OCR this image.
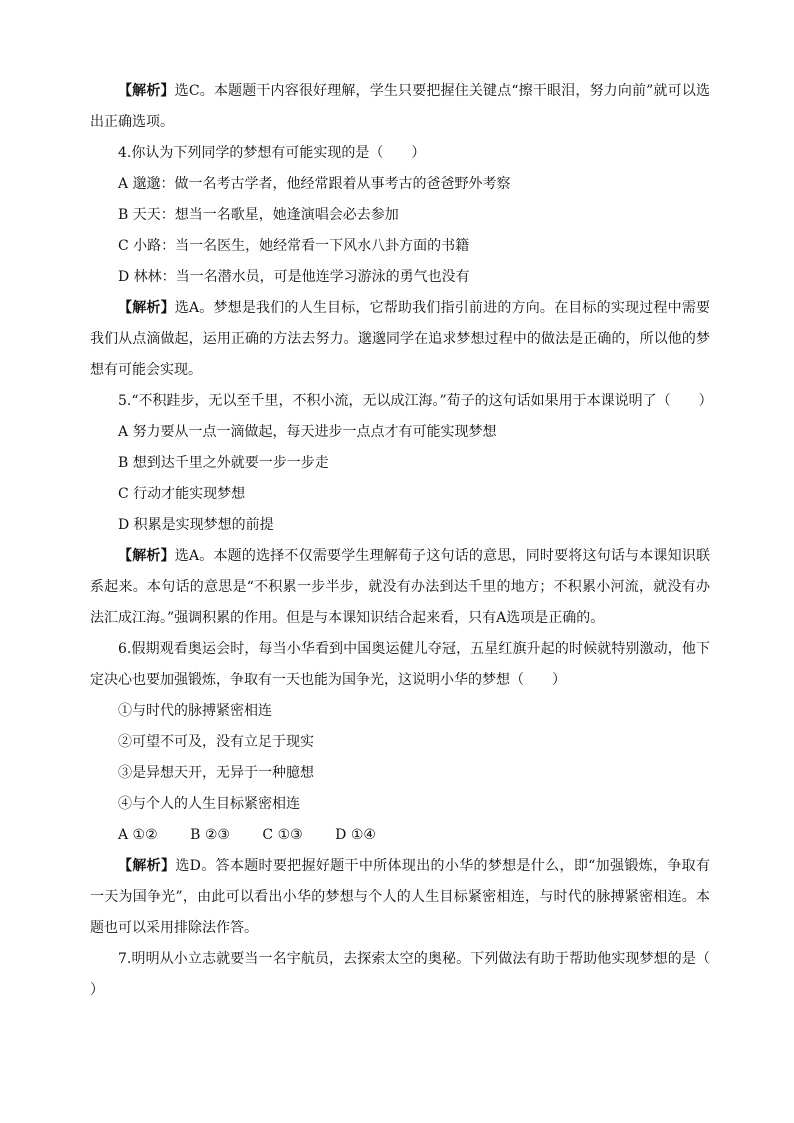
【解析】选C。本题题干内容很好理解，学生只要把握住关键点“擦干眼泪，努力向前”就可以选出正确选项。

4.你认为下列同学的梦想有可能实现的是（　　）

A 邈邈：做一名考古学者，他经常跟着从事考古的爸爸野外考察

B 天天：想当一名歌星，她逢演唱会必去参加

C 小路：当一名医生，她经常看一下风水八卦方面的书籍

D 林林：当一名潜水员，可是他连学习游泳的勇气也没有

【解析】选A。梦想是我们的人生目标，它帮助我们指引前进的方向。在目标的实现过程中需要我们从点滴做起，运用正确的方法去努力。邈邈同学在追求梦想过程中的做法是正确的，所以他的梦想有可能会实现。

5.“不积跬步，无以至千里，不积小流，无以成江海。”荀子的这句话如果用于本课说明了（　　）

A 努力要从一点一滴做起，每天进步一点点才有可能实现梦想

B 想到达千里之外就要一步一步走

C 行动才能实现梦想

D 积累是实现梦想的前提

【解析】选A。本题的选择不仅需要学生理解荀子这句话的意思，同时要将这句话与本课知识联系起来。本句话的意思是“不积累一步半步，就没有办法到达千里的地方；不积累小河流，就没有办法汇成江海。”强调积累的作用。但是与本课知识结合起来看，只有A选项是正确的。

6.假期观看奥运会时，每当小华看到中国奥运健儿夺冠，五星红旗升起的时候就特别激动，他下定决心也要加强锻炼，争取有一天也能为国争光，这说明小华的梦想（　　）

①与时代的脉搏紧密相连

②可望不可及，没有立足于现实

③是异想天开，无异于一种臆想

④与个人的人生目标紧密相连

A ①② B ②③ C ①③ D ①④

【解析】选D。答本题时要把握好题干中所体现出的小华的梦想是什么，即“加强锻炼，争取有一天为国争光”，由此可以看出小华的梦想与个人的人生目标紧密相连，与时代的脉搏紧密相连。本题也可以采用排除法作答。

7.明明从小立志就要当一名宇航员，去探索太空的奥秘。下列做法有助于帮助他实现梦想的是（　　）
